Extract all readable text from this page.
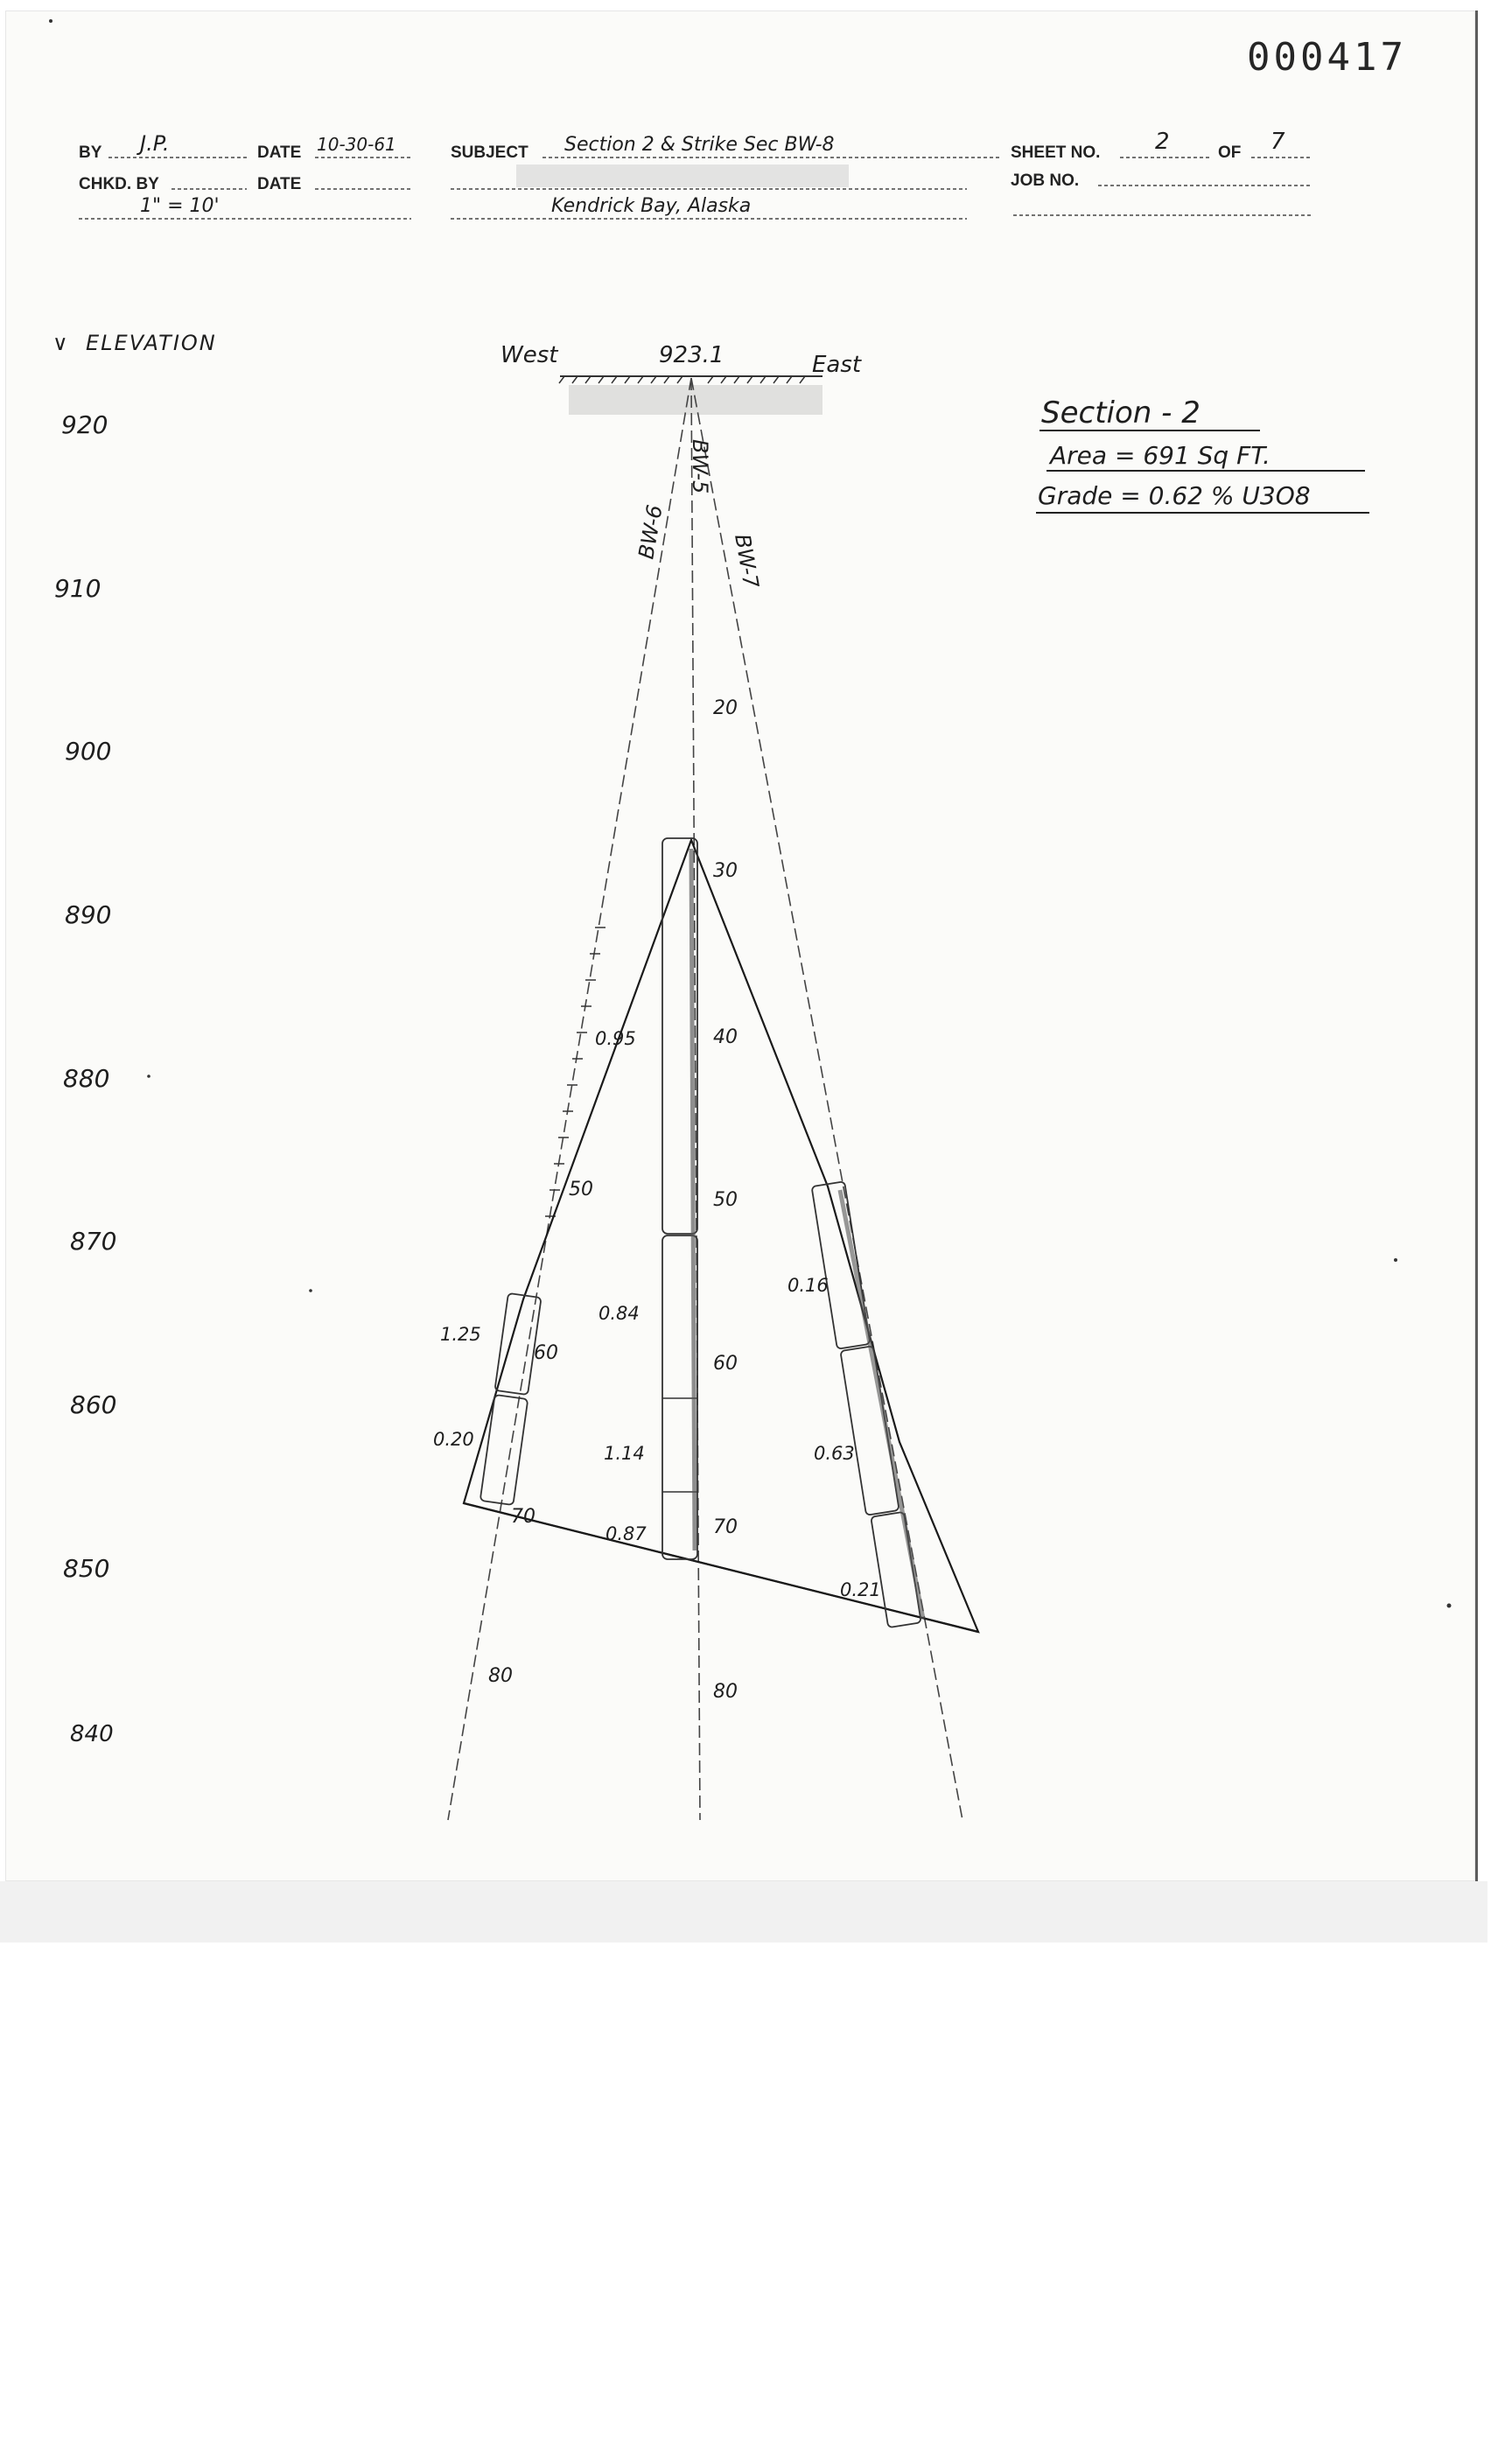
000417
BY J.P.	DATE 10-30-61
CHKD. BY	DATE
1" = 10'
SUBJECT Section 2 & Strike Sec BW-8
Kendrick Bay, Alaska
SHEET NO. 2	OF 7
JOB NO.
∨ ELEVATION
920
910
900
890
880
870
860
850
840
West	923.1	East
Section - 2
Area = 691 Sq FT.
Grade = 0.62 % U3O8
BW-6
BW-5
BW-7
20
30
40
50
60
70
80
50
60
70
80
0.95
0.84
1.14
0.87
1.25
0.20
0.16
0.63
0.21
